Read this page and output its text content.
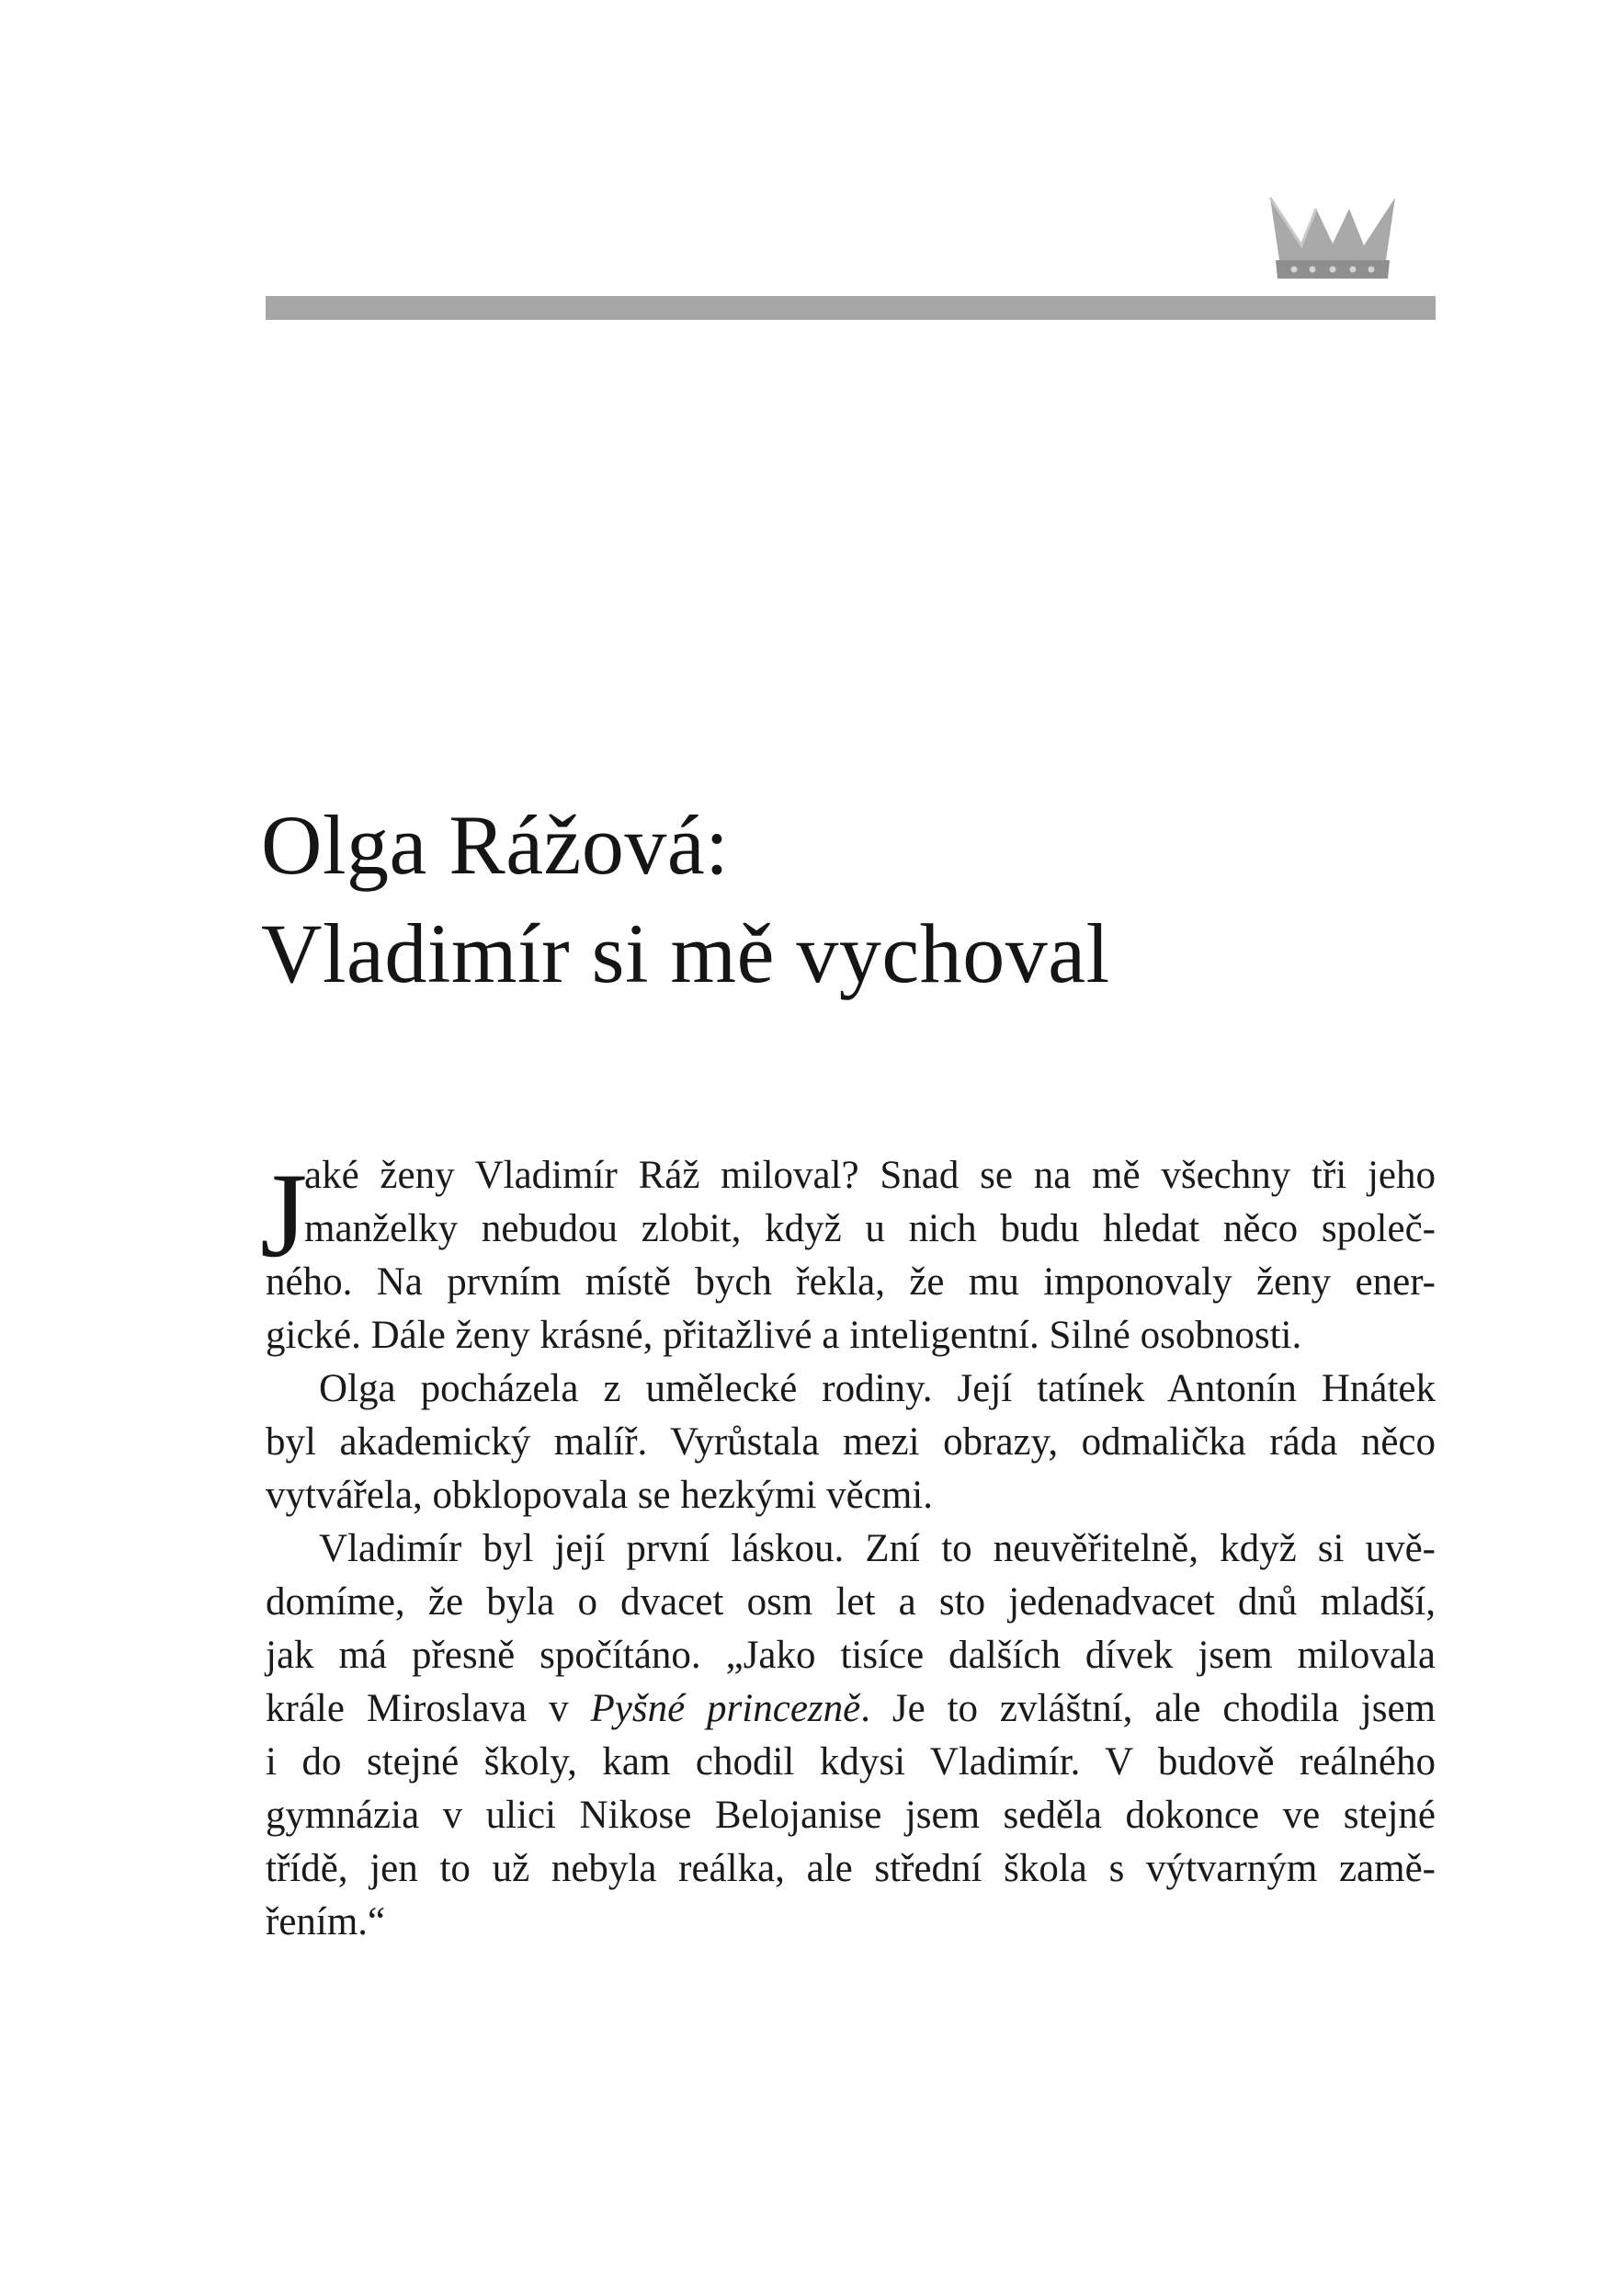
Olga Rážová:
Vladimír si mě vychoval
J
aké ženy Vladimír Ráž miloval? Snad se na mě všechny tři jeho
manželky nebudou zlobit, když u nich budu hledat něco společ-
ného. Na prvním místě bych řekla, že mu imponovaly ženy ener-
gické. Dále ženy krásné, přitažlivé a inteligentní. Silné osobnosti.
Olga pocházela z umělecké rodiny. Její tatínek Antonín Hnátek
byl akademický malíř. Vyrůstala mezi obrazy, odmalička ráda něco
vytvářela, obklopovala se hezkými věcmi.
Vladimír byl její první láskou. Zní to neuvěřitelně, když si uvě-
domíme, že byla o dvacet osm let a sto jedenadvacet dnů mladší,
jak má přesně spočítáno. „Jako tisíce dalších dívek jsem milovala
krále Miroslava v Pyšné princezně. Je to zvláštní, ale chodila jsem
i do stejné školy, kam chodil kdysi Vladimír. V budově reálného
gymnázia v ulici Nikose Belojanise jsem seděla dokonce ve stejné
třídě, jen to už nebyla reálka, ale střední škola s výtvarným zamě-
řením.“
